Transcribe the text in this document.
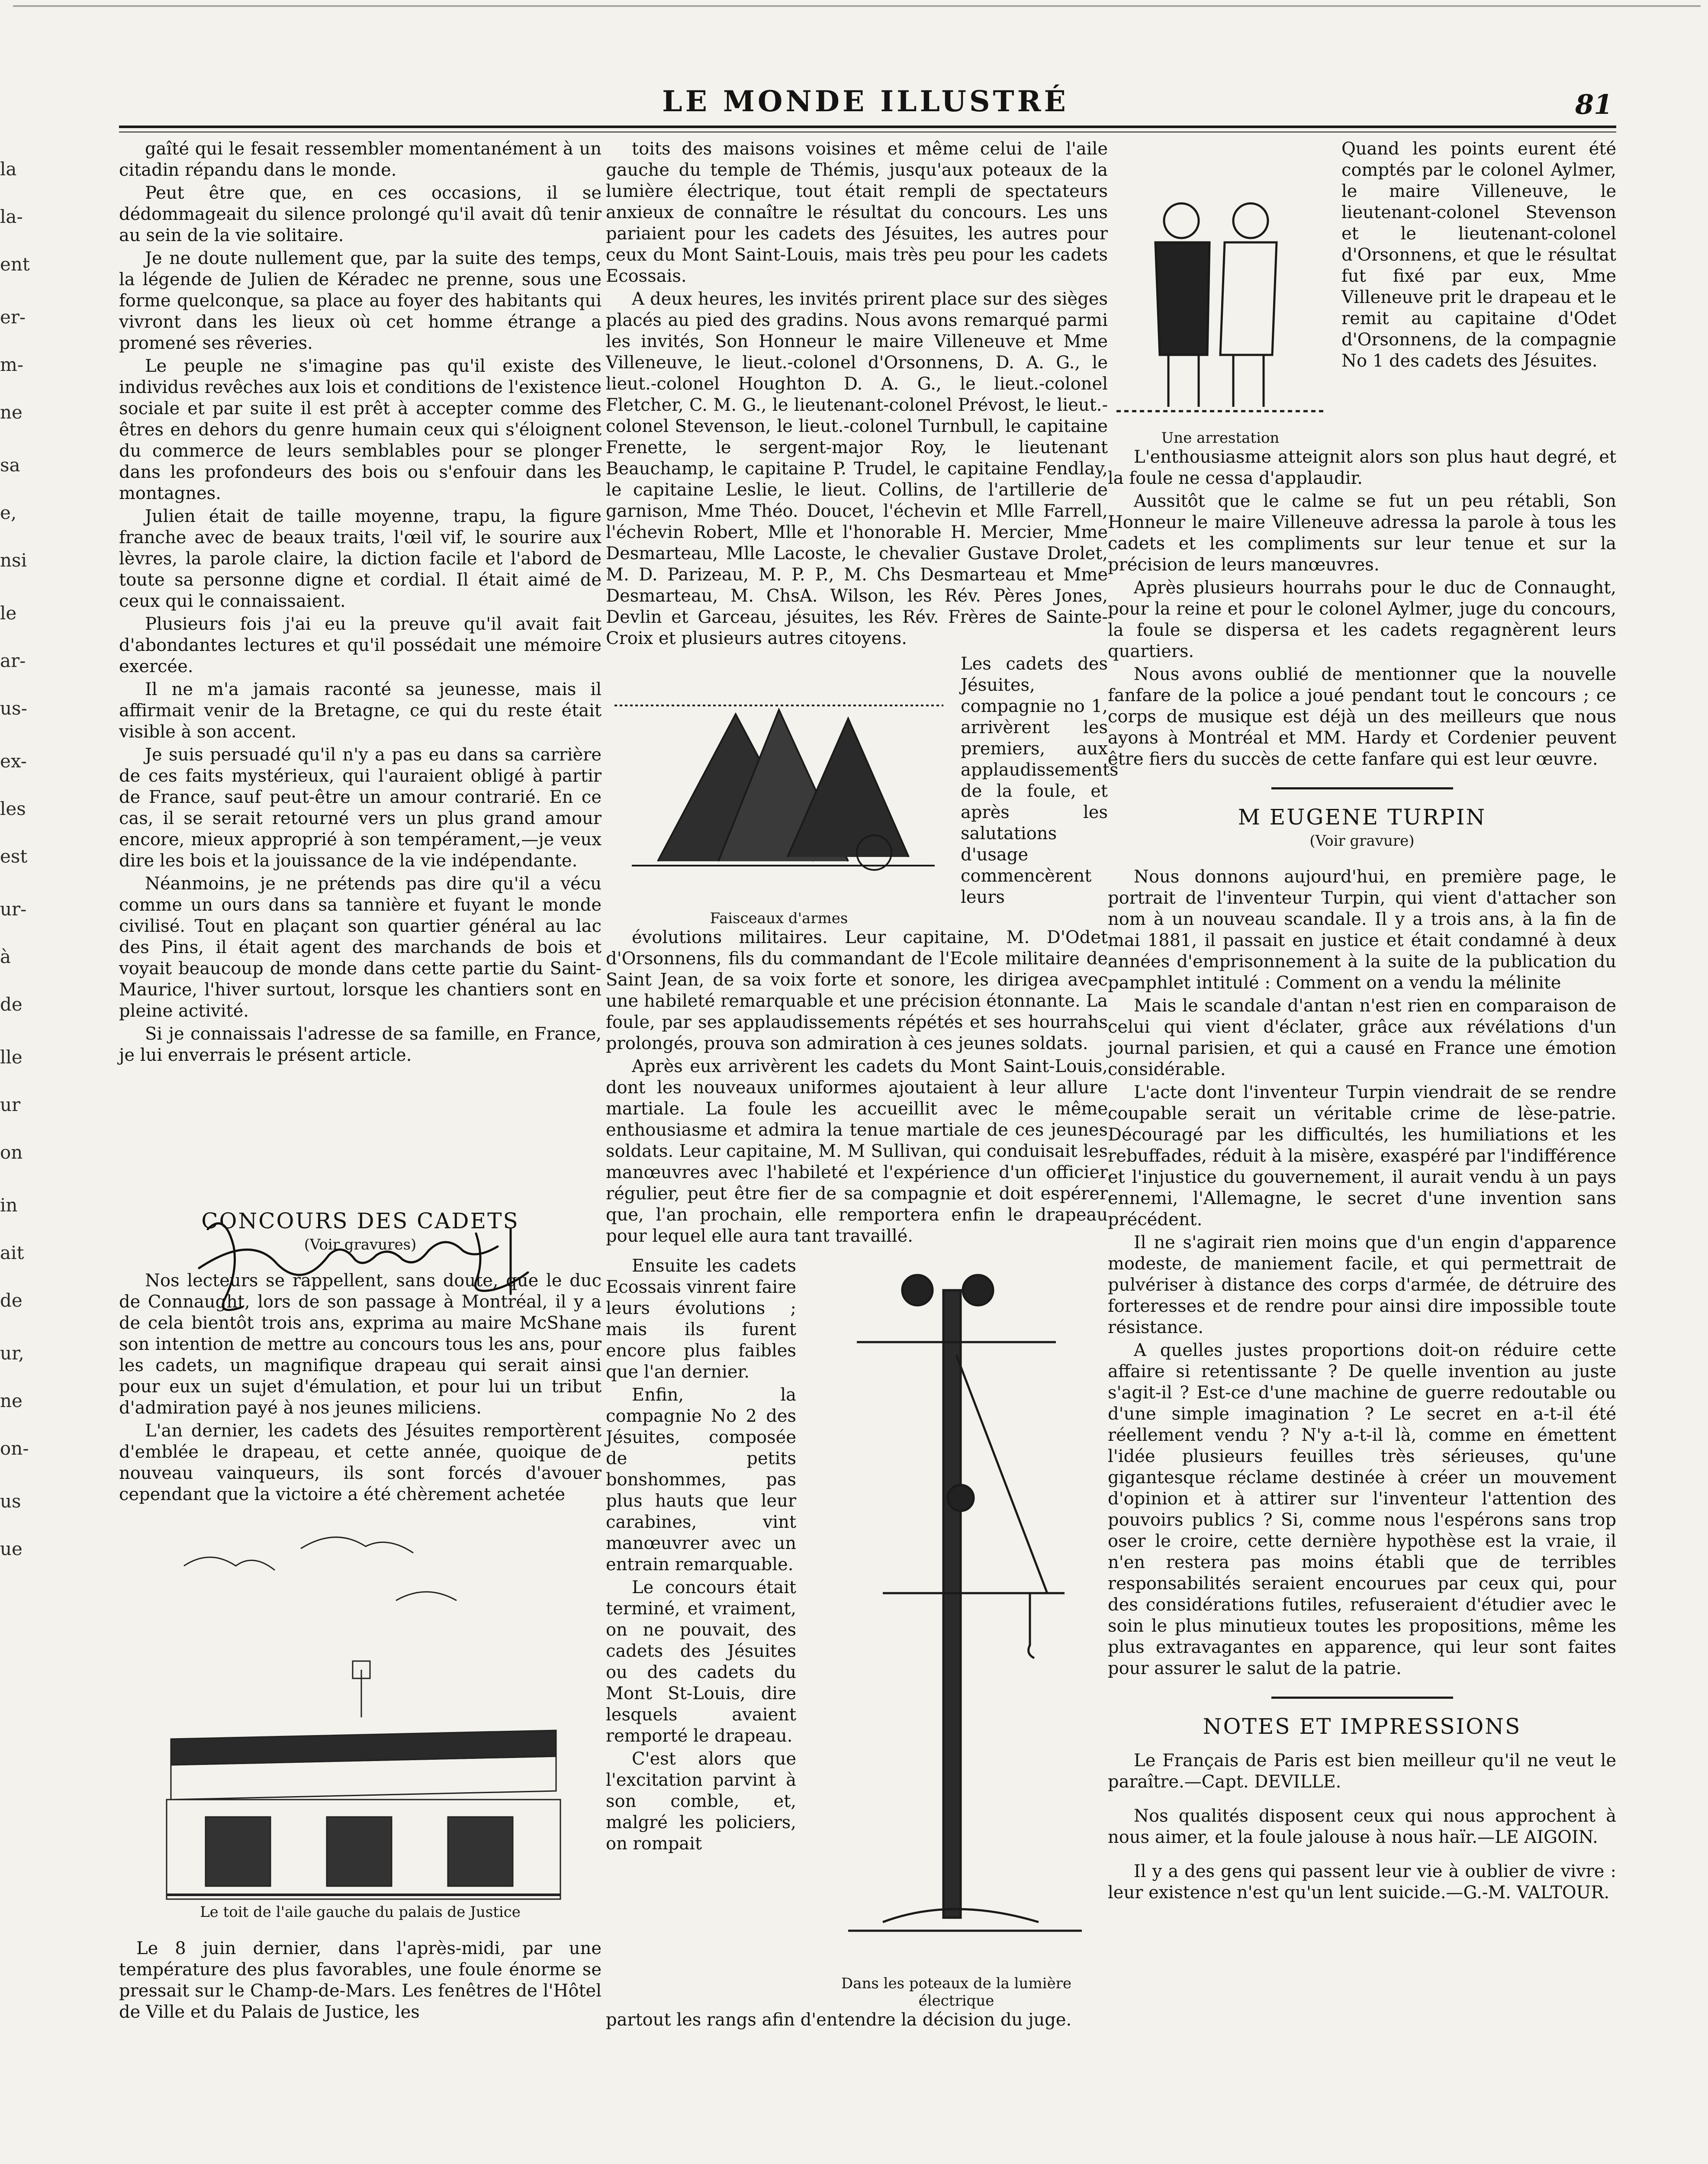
la
la-
ent
er-
m-
ne
sa
e,
nsi
le
ar-
us-
ex-
les
est
ur-
à
de
lle
ur
on
in
ait
de
ur,
ne
on-
us
ue
LE MONDE ILLUSTRÉ	81

gaîté qui le fesait ressembler momentanément à un citadin répandu dans le monde.

Peut être que, en ces occasions, il se dédommageait du silence prolongé qu'il avait dû tenir au sein de la vie solitaire.

Je ne doute nullement que, par la suite des temps, la légende de Julien de Kéradec ne prenne, sous une forme quelconque, sa place au foyer des habitants qui vivront dans les lieux où cet homme étrange a promené ses rêveries.

Le peuple ne s'imagine pas qu'il existe des individus revêches aux lois et conditions de l'existence sociale et par suite il est prêt à accepter comme des êtres en dehors du genre humain ceux qui s'éloignent du commerce de leurs semblables pour se plonger dans les profondeurs des bois ou s'enfouir dans les montagnes.

Julien était de taille moyenne, trapu, la figure franche avec de beaux traits, l'œil vif, le sourire aux lèvres, la parole claire, la diction facile et l'abord de toute sa personne digne et cordial. Il était aimé de ceux qui le connaissaient.

Plusieurs fois j'ai eu la preuve qu'il avait fait d'abondantes lectures et qu'il possédait une mémoire exercée.

Il ne m'a jamais raconté sa jeunesse, mais il affirmait venir de la Bretagne, ce qui du reste était visible à son accent.

Je suis persuadé qu'il n'y a pas eu dans sa carrière de ces faits mystérieux, qui l'auraient obligé à partir de France, sauf peut-être un amour contrarié. En ce cas, il se serait retourné vers un plus grand amour encore, mieux approprié à son tempérament,—je veux dire les bois et la jouissance de la vie indépendante.

Néanmoins, je ne prétends pas dire qu'il a vécu comme un ours dans sa tannière et fuyant le monde civilisé. Tout en plaçant son quartier général au lac des Pins, il était agent des marchands de bois et voyait beaucoup de monde dans cette partie du Saint-Maurice, l'hiver surtout, lorsque les chantiers sont en pleine activité.

Si je connaissais l'adresse de sa famille, en France, je lui enverrais le présent article.

CONCOURS DES CADETS
(Voir gravures)

Nos lecteurs se rappellent, sans doute, que le duc de Connaught, lors de son passage à Montréal, il y a de cela bientôt trois ans, exprima au maire McShane son intention de mettre au concours tous les ans, pour les cadets, un magnifique drapeau qui serait ainsi pour eux un sujet d'émulation, et pour lui un tribut d'admiration payé à nos jeunes miliciens.

L'an dernier, les cadets des Jésuites remportèrent d'emblée le drapeau, et cette année, quoique de nouveau vainqueurs, ils sont forcés d'avouer cependant que la victoire a été chèrement achetée

Le toit de l'aile gauche du palais de Justice

Le 8 juin dernier, dans l'après-midi, par une température des plus favorables, une foule énorme se pressait sur le Champ-de-Mars. Les fenêtres de l'Hôtel de Ville et du Palais de Justice, les

toits des maisons voisines et même celui de l'aile gauche du temple de Thémis, jusqu'aux poteaux de la lumière électrique, tout était rempli de spectateurs anxieux de connaître le résultat du concours. Les uns pariaient pour les cadets des Jésuites, les autres pour ceux du Mont Saint-Louis, mais très peu pour les cadets Ecossais.

A deux heures, les invités prirent place sur des sièges placés au pied des gradins. Nous avons remarqué parmi les invités, Son Honneur le maire Villeneuve et Mme Villeneuve, le lieut.-colonel d'Orsonnens, D. A. G., le lieut.-colonel Houghton D. A. G., le lieut.-colonel Fletcher, C. M. G., le lieutenant-colonel Prévost, le lieut.-colonel Stevenson, le lieut.-colonel Turnbull, le capitaine Frenette, le sergent-major Roy, le lieutenant Beauchamp, le capitaine P. Trudel, le capitaine Fendlay, le capitaine Leslie, le lieut. Collins, de l'artillerie de garnison, Mme Théo. Doucet, l'échevin et Mlle Farrell, l'échevin Robert, Mlle et l'honorable H. Mercier, Mme Desmarteau, Mlle Lacoste, le chevalier Gustave Drolet, M. D. Parizeau, M. P. P., M. Chs Desmarteau et Mme Desmarteau, M. ChsA. Wilson, les Rév. Pères Jones, Devlin et Garceau, jésuites, les Rév. Frères de Sainte-Croix et plusieurs autres citoyens.

Faisceaux d'armes
Les cadets des Jésuites, compagnie no 1, arrivèrent les premiers, aux applaudissements de la foule, et après les salutations d'usage commencèrent leurs

évolutions militaires. Leur capitaine, M. D'Odet d'Orsonnens, fils du commandant de l'Ecole militaire de Saint Jean, de sa voix forte et sonore, les dirigea avec une habileté remarquable et une précision étonnante. La foule, par ses applaudissements répétés et ses hourrahs prolongés, prouva son admiration à ces jeunes soldats.

Après eux arrivèrent les cadets du Mont Saint-Louis, dont les nouveaux uniformes ajoutaient à leur allure martiale. La foule les accueillit avec le même enthousiasme et admira la tenue martiale de ces jeunes soldats. Leur capitaine, M. M Sullivan, qui conduisait les manœuvres avec l'habileté et l'expérience d'un officier régulier, peut être fier de sa compagnie et doit espérer que, l'an prochain, elle remportera enfin le drapeau pour lequel elle aura tant travaillé.

Ensuite les cadets Ecossais vinrent faire leurs évolutions ; mais ils furent encore plus faibles que l'an dernier.

Enfin, la compagnie No 2 des Jésuites, composée de petits bonshommes, pas plus hauts que leur carabines, vint manœuvrer avec un entrain remarquable.

Le concours était terminé, et vraiment, on ne pouvait, des cadets des Jésuites ou des cadets du Mont St-Louis, dire lesquels avaient remporté le drapeau.

C'est alors que l'excitation parvint à son comble, et, malgré les policiers, on rompait

Dans les poteaux de la lumière électrique

partout les rangs afin d'entendre la décision du juge.

Une arrestation
Quand les points eurent été comptés par le colonel Aylmer, le maire Villeneuve, le lieutenant-colonel Stevenson et le lieutenant-colonel d'Orsonnens, et que le résultat fut fixé par eux, Mme Villeneuve prit le drapeau et le remit au capitaine d'Odet d'Orsonnens, de la compagnie No 1 des cadets des Jésuites.

L'enthousiasme atteignit alors son plus haut degré, et la foule ne cessa d'applaudir.

Aussitôt que le calme se fut un peu rétabli, Son Honneur le maire Villeneuve adressa la parole à tous les cadets et les compliments sur leur tenue et sur la précision de leurs manœuvres.

Après plusieurs hourrahs pour le duc de Connaught, pour la reine et pour le colonel Aylmer, juge du concours, la foule se dispersa et les cadets regagnèrent leurs quartiers.

Nous avons oublié de mentionner que la nouvelle fanfare de la police a joué pendant tout le concours ; ce corps de musique est déjà un des meilleurs que nous ayons à Montréal et MM. Hardy et Cordenier peuvent être fiers du succès de cette fanfare qui est leur œuvre.

M EUGENE TURPIN
(Voir gravure)

Nous donnons aujourd'hui, en première page, le portrait de l'inventeur Turpin, qui vient d'attacher son nom à un nouveau scandale. Il y a trois ans, à la fin de mai 1881, il passait en justice et était condamné à deux années d'emprisonnement à la suite de la publication du pamphlet intitulé : Comment on a vendu la mélinite

Mais le scandale d'antan n'est rien en comparaison de celui qui vient d'éclater, grâce aux révélations d'un journal parisien, et qui a causé en France une émotion considérable.

L'acte dont l'inventeur Turpin viendrait de se rendre coupable serait un véritable crime de lèse-patrie. Découragé par les difficultés, les humiliations et les rebuffades, réduit à la misère, exaspéré par l'indifférence et l'injustice du gouvernement, il aurait vendu à un pays ennemi, l'Allemagne, le secret d'une invention sans précédent.

Il ne s'agirait rien moins que d'un engin d'apparence modeste, de maniement facile, et qui permettrait de pulvériser à distance des corps d'armée, de détruire des forteresses et de rendre pour ainsi dire impossible toute résistance.

A quelles justes proportions doit-on réduire cette affaire si retentissante ? De quelle invention au juste s'agit-il ? Est-ce d'une machine de guerre redoutable ou d'une simple imagination ? Le secret en a-t-il été réellement vendu ? N'y a-t-il là, comme en émettent l'idée plusieurs feuilles très sérieuses, qu'une gigantesque réclame destinée à créer un mouvement d'opinion et à attirer sur l'inventeur l'attention des pouvoirs publics ? Si, comme nous l'espérons sans trop oser le croire, cette dernière hypothèse est la vraie, il n'en restera pas moins établi que de terribles responsabilités seraient encourues par ceux qui, pour des considérations futiles, refuseraient d'étudier avec le soin le plus minutieux toutes les propositions, même les plus extravagantes en apparence, qui leur sont faites pour assurer le salut de la patrie.

NOTES ET IMPRESSIONS

Le Français de Paris est bien meilleur qu'il ne veut le paraître.—Capt. DEVILLE.

Nos qualités disposent ceux qui nous approchent à nous aimer, et la foule jalouse à nous haïr.—LE AIGOIN.

Il y a des gens qui passent leur vie à oublier de vivre : leur existence n'est qu'un lent suicide.—G.-M. VALTOUR.
